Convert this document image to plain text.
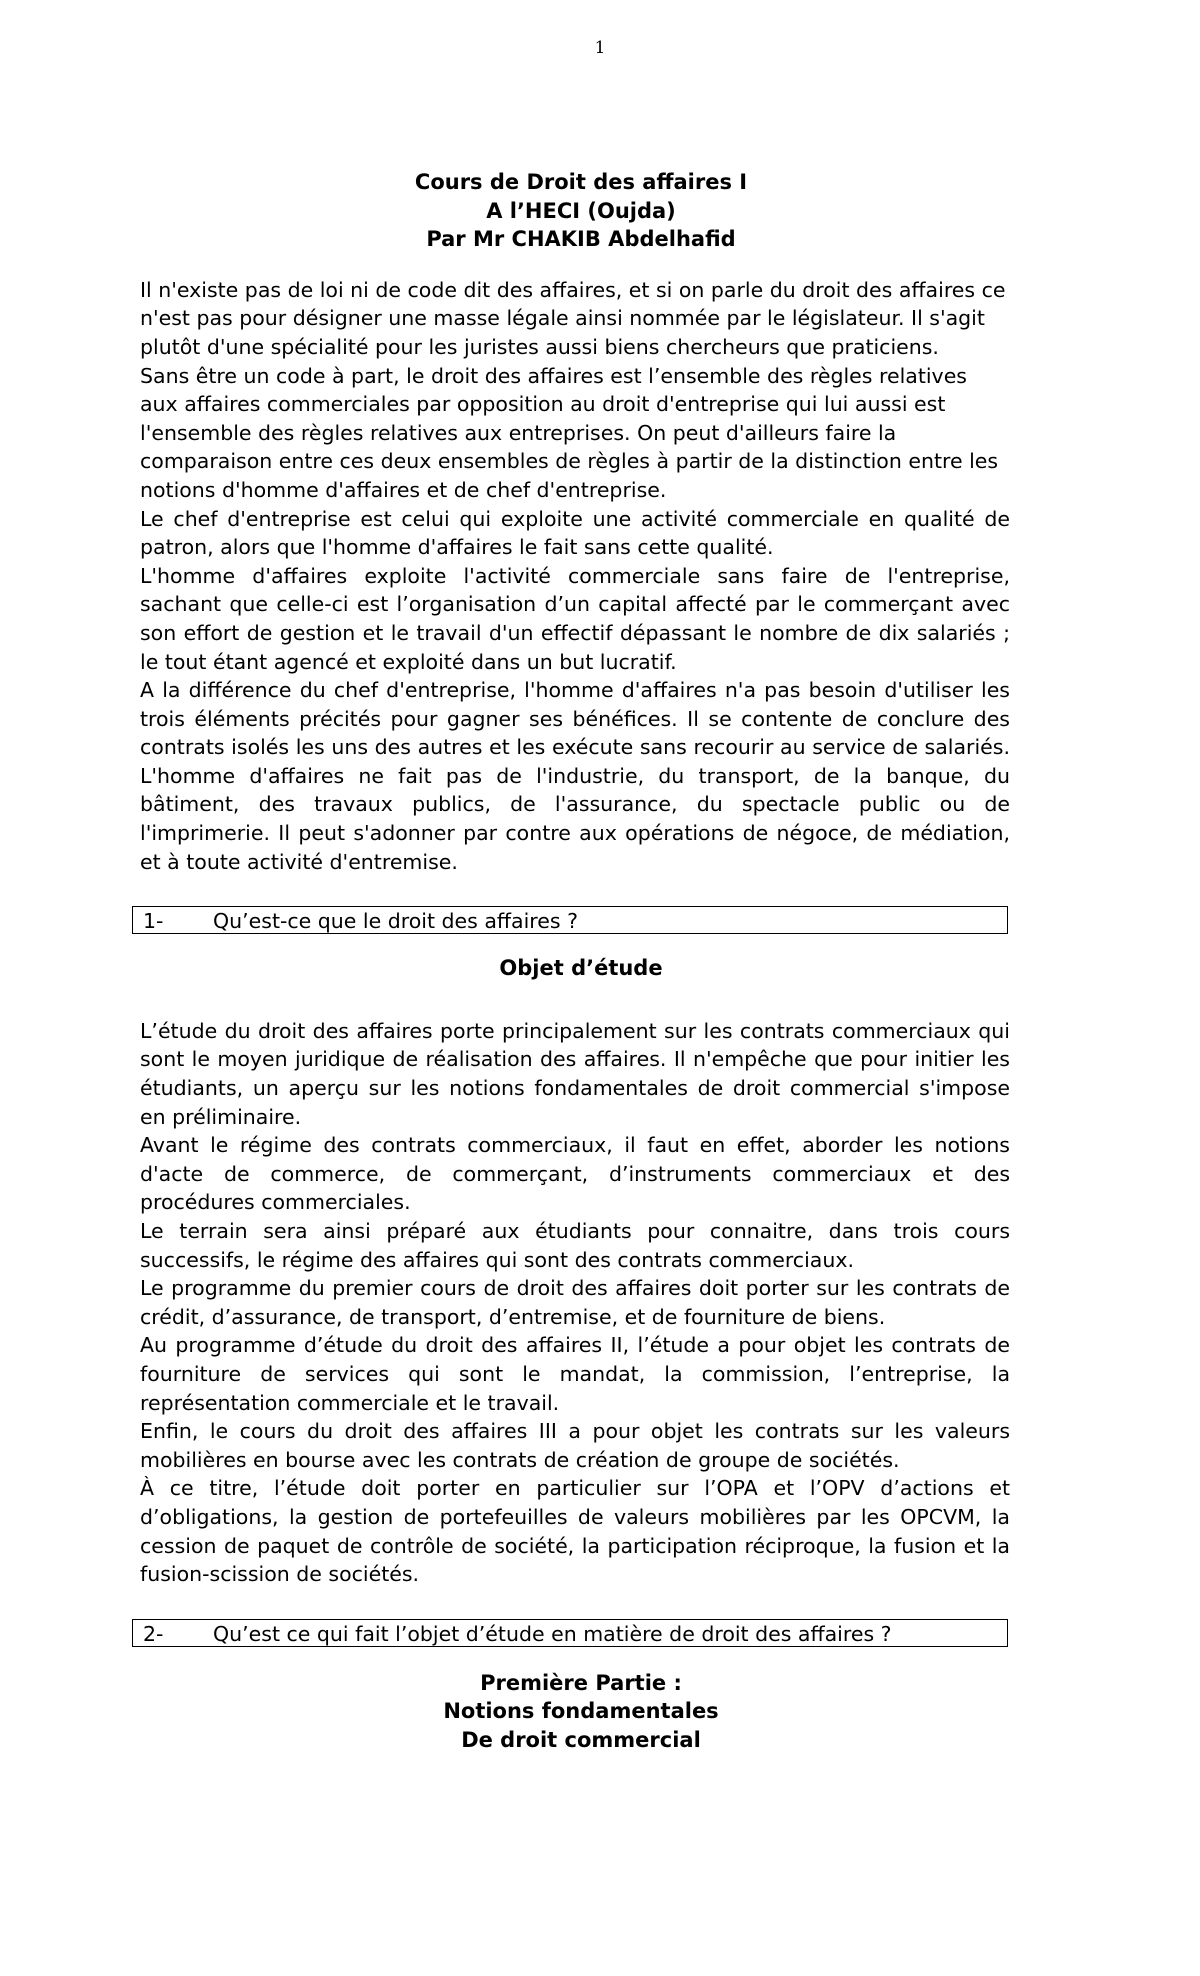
1
Cours de Droit des affaires I
A l’HECI (Oujda)
Par Mr CHAKIB Abdelhafid

Il n'existe pas de loi ni de code dit des affaires, et si on parle du droit des affaires ce n'est pas pour désigner une masse légale ainsi nommée par le législateur. Il s'agit plutôt d'une spécialité pour les juristes aussi biens chercheurs que praticiens.

Sans être un code à part, le droit des affaires est l’ensemble des règles relatives aux affaires commerciales par opposition au droit d'entreprise qui lui aussi est l'ensemble des règles relatives aux entreprises. On peut d'ailleurs faire la comparaison entre ces deux ensembles de règles à partir de la distinction entre les notions d'homme d'affaires et de chef d'entreprise.

Le chef d'entreprise est celui qui exploite une activité commerciale en qualité de patron, alors que l'homme d'affaires le fait sans cette qualité.

L'homme d'affaires exploite l'activité commerciale sans faire de l'entreprise, sachant que celle-ci est l’organisation d’un capital affecté par le commerçant avec son effort de gestion et le travail d'un effectif dépassant le nombre de dix salariés ; le tout étant agencé et exploité dans un but lucratif.

A la différence du chef d'entreprise, l'homme d'affaires n'a pas besoin d'utiliser les trois éléments précités pour gagner ses bénéfices. Il se contente de conclure des contrats isolés les uns des autres et les exécute sans recourir au service de salariés. L'homme d'affaires ne fait pas de l'industrie, du transport, de la banque, du bâtiment, des travaux publics, de l'assurance, du spectacle public ou de l'imprimerie. Il peut s'adonner par contre aux opérations de négoce, de médiation, et à toute activité d'entremise.

1-	Qu’est-ce que le droit des affaires ?
Objet d’étude

L’étude du droit des affaires porte principalement sur les contrats commerciaux qui sont le moyen juridique de réalisation des affaires. Il n'empêche que pour initier les étudiants, un aperçu sur les notions fondamentales de droit commercial s'impose en préliminaire.

Avant le régime des contrats commerciaux, il faut en effet, aborder les notions d'acte de commerce, de commerçant, d’instruments commerciaux et des procédures commerciales.

Le terrain sera ainsi préparé aux étudiants pour connaitre, dans trois cours successifs, le régime des affaires qui sont des contrats commerciaux.

Le programme du premier cours de droit des affaires doit porter sur les contrats de crédit, d’assurance, de transport, d’entremise, et de fourniture de biens.

Au programme d’étude du droit des affaires II, l’étude a pour objet les contrats de fourniture de services qui sont le mandat, la commission, l’entreprise, la représentation commerciale et le travail.

Enfin, le cours du droit des affaires III a pour objet les contrats sur les valeurs mobilières en bourse avec les contrats de création de groupe de sociétés.

À ce titre, l’étude doit porter en particulier sur l’OPA et l’OPV d’actions et d’obligations, la gestion de portefeuilles de valeurs mobilières par les OPCVM, la cession de paquet de contrôle de société, la participation réciproque, la fusion et la fusion-scission de sociétés.

2-	Qu’est ce qui fait l’objet d’étude en matière de droit des affaires ?
Première Partie :
Notions fondamentales
De droit commercial
